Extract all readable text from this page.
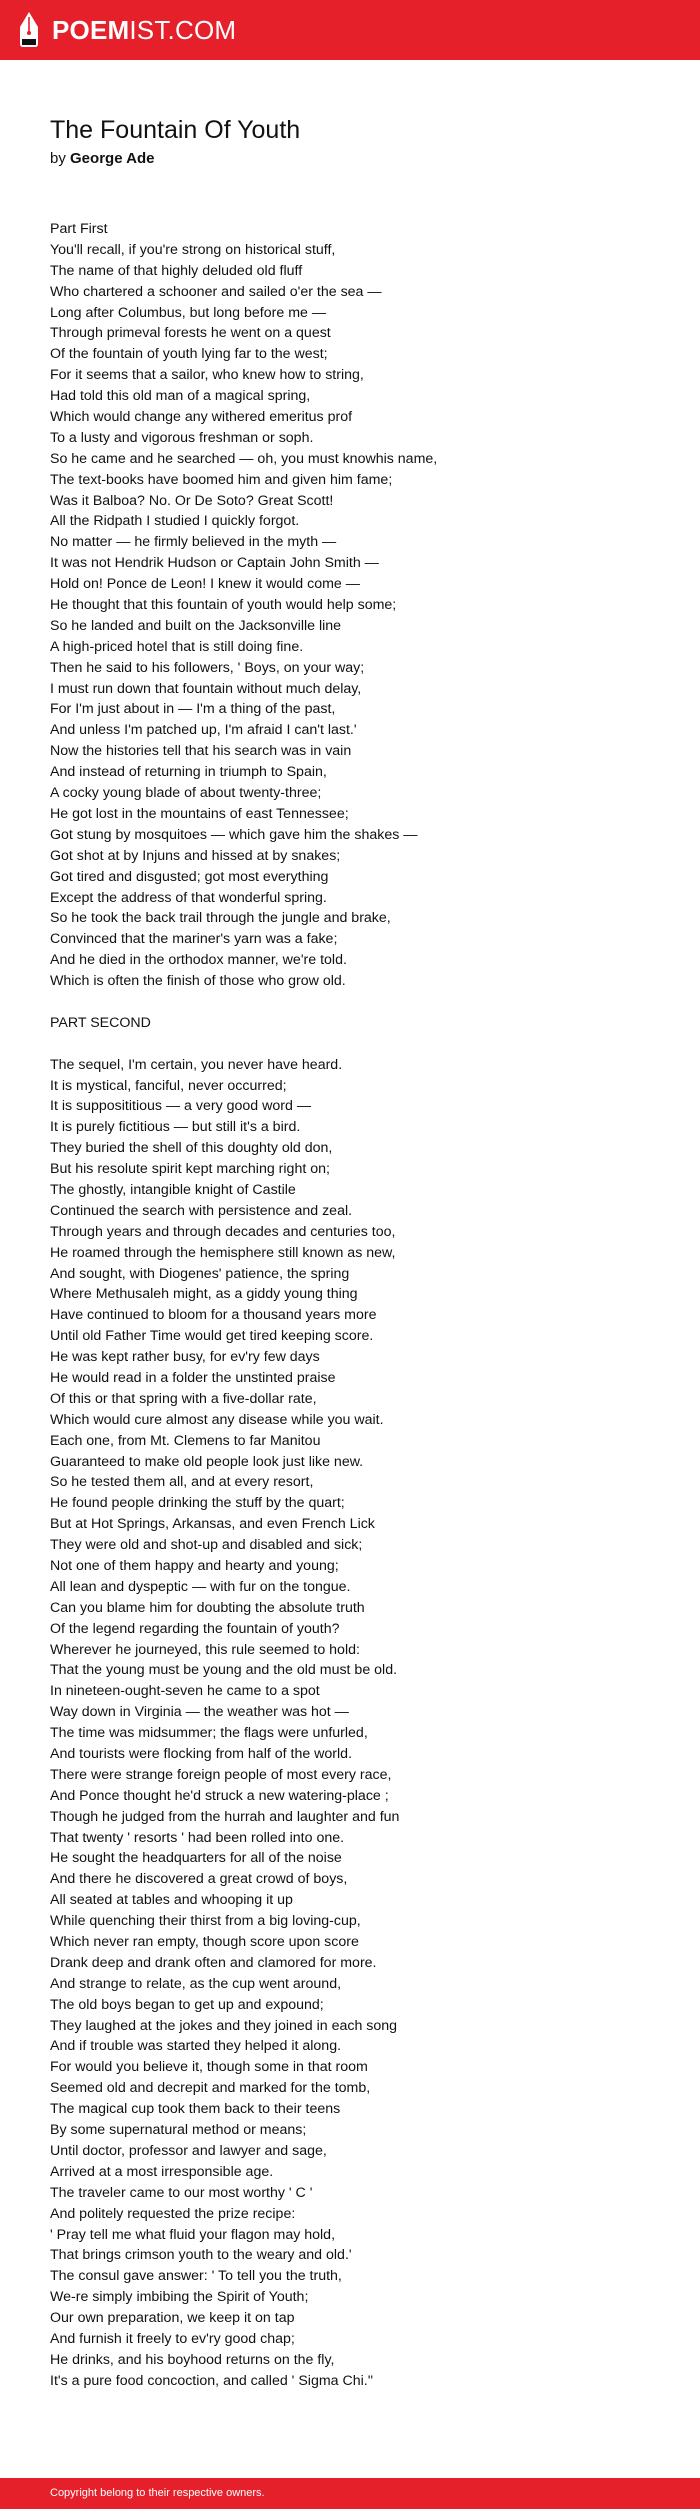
POEMIST.COM
The Fountain Of Youth
by George Ade
Part First
You'll recall, if you're strong on historical stuff,
The name of that highly deluded old fluff
Who chartered a schooner and sailed o'er the sea —
Long after Columbus, but long before me —
Through primeval forests he went on a quest
Of the fountain of youth lying far to the west;
For it seems that a sailor, who knew how to string,
Had told this old man of a magical spring,
Which would change any withered emeritus prof
To a lusty and vigorous freshman or soph.
So he came and he searched — oh, you must knowhis name,
The text-books have boomed him and given him fame;
Was it Balboa? No. Or De Soto? Great Scott!
All the Ridpath I studied I quickly forgot.
No matter — he firmly believed in the myth —
It was not Hendrik Hudson or Captain John Smith —
Hold on! Ponce de Leon! I knew it would come —
He thought that this fountain of youth would help some;
So he landed and built on the Jacksonville line
A high-priced hotel that is still doing fine.
Then he said to his followers, ' Boys, on your way;
I must run down that fountain without much delay,
For I'm just about in — I'm a thing of the past,
And unless I'm patched up, I'm afraid I can't last.'
Now the histories tell that his search was in vain
And instead of returning in triumph to Spain,
A cocky young blade of about twenty-three;
He got lost in the mountains of east Tennessee;
Got stung by mosquitoes — which gave him the shakes —
Got shot at by Injuns and hissed at by snakes;
Got tired and disgusted; got most everything
Except the address of that wonderful spring.
So he took the back trail through the jungle and brake,
Convinced that the mariner's yarn was a fake;
And he died in the orthodox manner, we're told.
Which is often the finish of those who grow old.
PART SECOND
The sequel, I'm certain, you never have heard.
It is mystical, fanciful, never occurred;
It is supposititious — a very good word —
It is purely fictitious — but still it's a bird.
They buried the shell of this doughty old don,
But his resolute spirit kept marching right on;
The ghostly, intangible knight of Castile
Continued the search with persistence and zeal.
Through years and through decades and centuries too,
He roamed through the hemisphere still known as new,
And sought, with Diogenes' patience, the spring
Where Methusaleh might, as a giddy young thing
Have continued to bloom for a thousand years more
Until old Father Time would get tired keeping score.
He was kept rather busy, for ev'ry few days
He would read in a folder the unstinted praise
Of this or that spring with a five-dollar rate,
Which would cure almost any disease while you wait.
Each one, from Mt. Clemens to far Manitou
Guaranteed to make old people look just like new.
So he tested them all, and at every resort,
He found people drinking the stuff by the quart;
But at Hot Springs, Arkansas, and even French Lick
They were old and shot-up and disabled and sick;
Not one of them happy and hearty and young;
All lean and dyspeptic — with fur on the tongue.
Can you blame him for doubting the absolute truth
Of the legend regarding the fountain of youth?
Wherever he journeyed, this rule seemed to hold:
That the young must be young and the old must be old.
In nineteen-ought-seven he came to a spot
Way down in Virginia — the weather was hot —
The time was midsummer; the flags were unfurled,
And tourists were flocking from half of the world.
There were strange foreign people of most every race,
And Ponce thought he'd struck a new watering-place ;
Though he judged from the hurrah and laughter and fun
That twenty ' resorts ' had been rolled into one.
He sought the headquarters for all of the noise
And there he discovered a great crowd of boys,
All seated at tables and whooping it up
While quenching their thirst from a big loving-cup,
Which never ran empty, though score upon score
Drank deep and drank often and clamored for more.
And strange to relate, as the cup went around,
The old boys began to get up and expound;
They laughed at the jokes and they joined in each song
And if trouble was started they helped it along.
For would you believe it, though some in that room
Seemed old and decrepit and marked for the tomb,
The magical cup took them back to their teens
By some supernatural method or means;
Until doctor, professor and lawyer and sage,
Arrived at a most irresponsible age.
The traveler came to our most worthy ' C '
And politely requested the prize recipe:
' Pray tell me what fluid your flagon may hold,
That brings crimson youth to the weary and old.'
The consul gave answer: ' To tell you the truth,
We-re simply imbibing the Spirit of Youth;
Our own preparation, we keep it on tap
And furnish it freely to ev'ry good chap;
He drinks, and his boyhood returns on the fly,
It's a pure food concoction, and called ' Sigma Chi.''
Copyright belong to their respective owners.
